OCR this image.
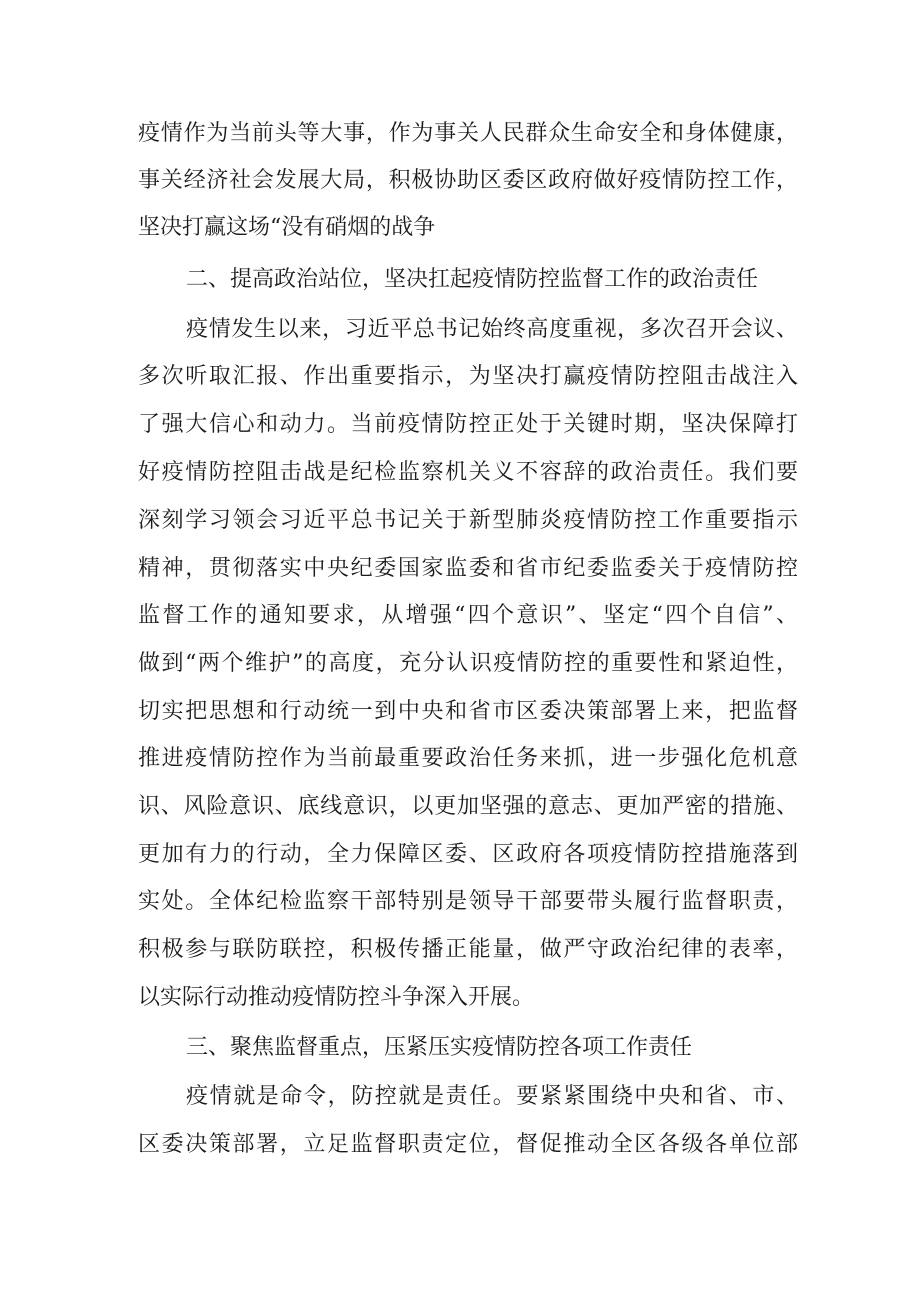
疫情作为当前头等大事，作为事关人民群众生命安全和身体健康，
事关经济社会发展大局，积极协助区委区政府做好疫情防控工作，
坚决打赢这场“没有硝烟的战争
二、提高政治站位，坚决扛起疫情防控监督工作的政治责任
疫情发生以来，习近平总书记始终高度重视，多次召开会议、
多次听取汇报、作出重要指示，为坚决打赢疫情防控阻击战注入
了强大信心和动力。当前疫情防控正处于关键时期，坚决保障打
好疫情防控阻击战是纪检监察机关义不容辞的政治责任。我们要
深刻学习领会习近平总书记关于新型肺炎疫情防控工作重要指示
精神，贯彻落实中央纪委国家监委和省市纪委监委关于疫情防控
监督工作的通知要求，从增强“四个意识”、坚定“四个自信”、
做到“两个维护”的高度，充分认识疫情防控的重要性和紧迫性，
切实把思想和行动统一到中央和省市区委决策部署上来，把监督
推进疫情防控作为当前最重要政治任务来抓，进一步强化危机意
识、风险意识、底线意识，以更加坚强的意志、更加严密的措施、
更加有力的行动，全力保障区委、区政府各项疫情防控措施落到
实处。全体纪检监察干部特别是领导干部要带头履行监督职责，
积极参与联防联控，积极传播正能量，做严守政治纪律的表率，
以实际行动推动疫情防控斗争深入开展。
三、聚焦监督重点，压紧压实疫情防控各项工作责任
疫情就是命令，防控就是责任。要紧紧围绕中央和省、市、
区委决策部署，立足监督职责定位，督促推动全区各级各单位部
